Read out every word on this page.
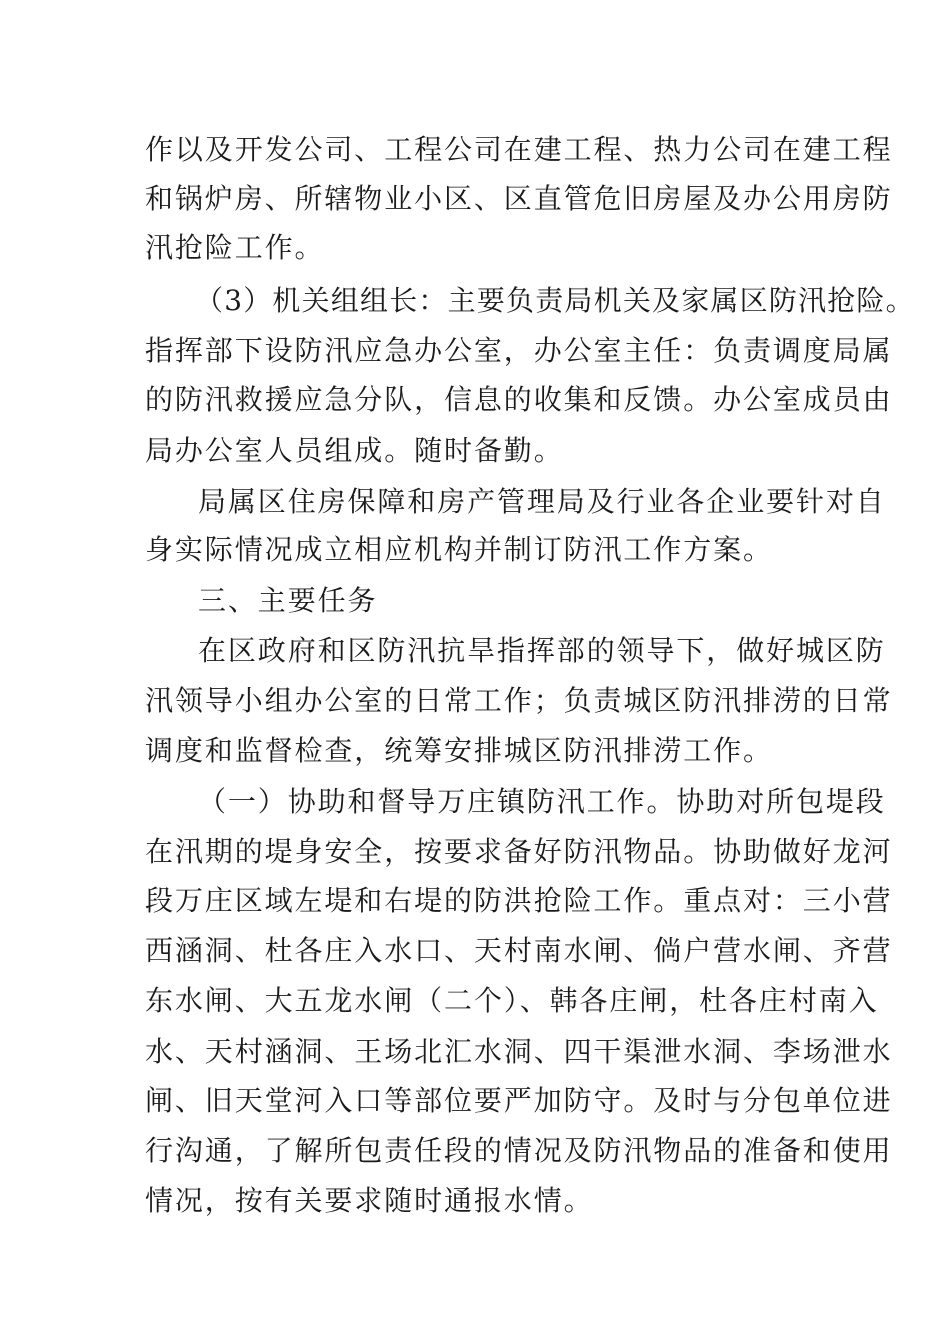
作以及开发公司、工程公司在建工程、热力公司在建工程
和锅炉房、所辖物业小区、区直管危旧房屋及办公用房防
汛抢险工作。
（3）机关组组长：主要负责局机关及家属区防汛抢险。
指挥部下设防汛应急办公室，办公室主任：负责调度局属
的防汛救援应急分队，信息的收集和反馈。办公室成员由
局办公室人员组成。随时备勤。
局属区住房保障和房产管理局及行业各企业要针对自
身实际情况成立相应机构并制订防汛工作方案。
三、主要任务
在区政府和区防汛抗旱指挥部的领导下，做好城区防
汛领导小组办公室的日常工作；负责城区防汛排涝的日常
调度和监督检查，统筹安排城区防汛排涝工作。
（一）协助和督导万庄镇防汛工作。协助对所包堤段
在汛期的堤身安全，按要求备好防汛物品。协助做好龙河
段万庄区域左堤和右堤的防洪抢险工作。重点对：三小营
西涵洞、杜各庄入水口、天村南水闸、倘户营水闸、齐营
东水闸、大五龙水闸（二个）、韩各庄闸，杜各庄村南入
水、天村涵洞、王场北汇水洞、四干渠泄水洞、李场泄水
闸、旧天堂河入口等部位要严加防守。及时与分包单位进
行沟通，了解所包责任段的情况及防汛物品的准备和使用
情况，按有关要求随时通报水情。
